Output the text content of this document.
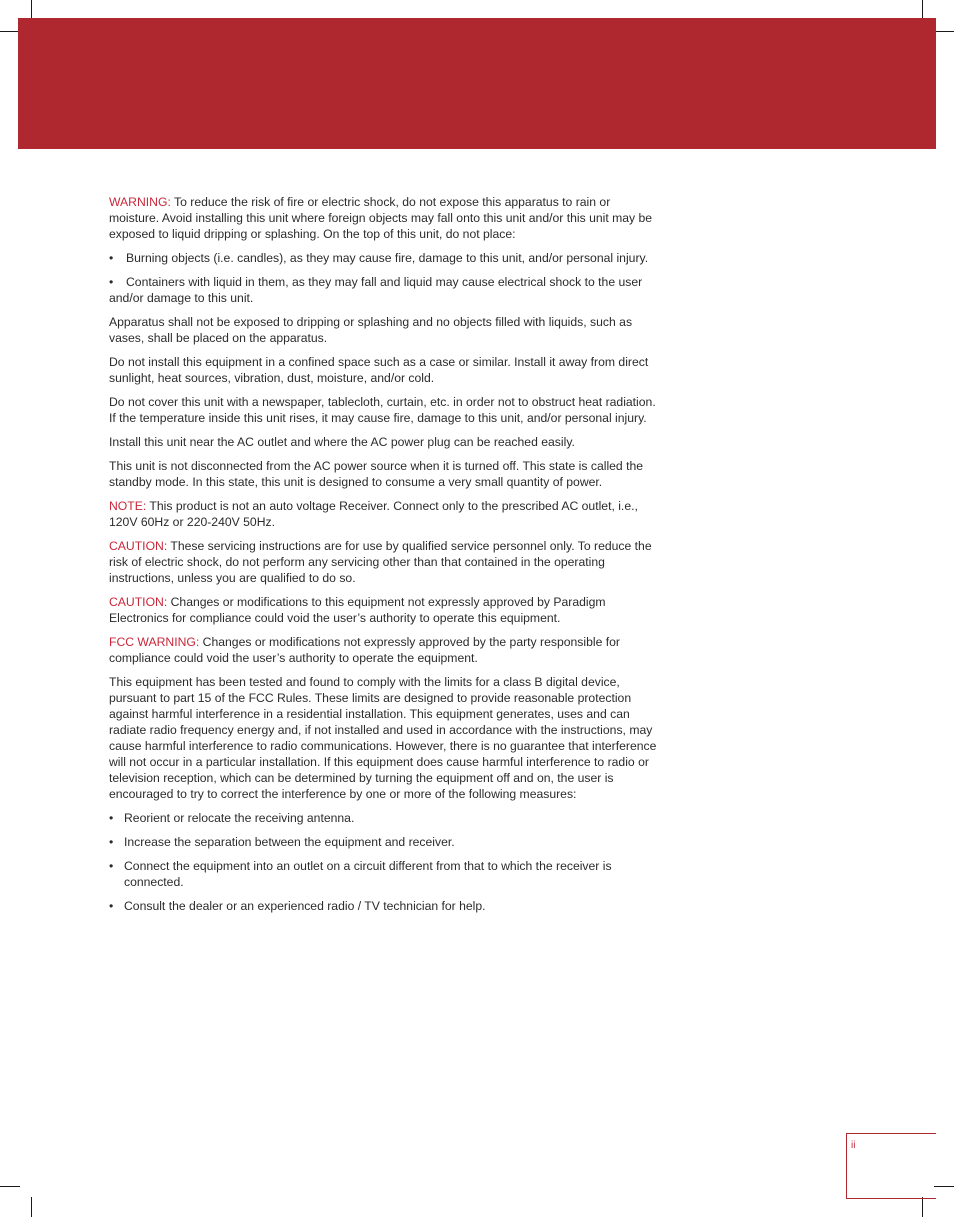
WARNING: To reduce the risk of fire or electric shock, do not expose this apparatus to rain or moisture. Avoid installing this unit where foreign objects may fall onto this unit and/or this unit may be exposed to liquid dripping or splashing. On the top of this unit, do not place:

• Burning objects (i.e. candles), as they may cause fire, damage to this unit, and/or personal injury.

• Containers with liquid in them, as they may fall and liquid may cause electrical shock to the user and/or damage to this unit.

Apparatus shall not be exposed to dripping or splashing and no objects filled with liquids, such as vases, shall be placed on the apparatus.

Do not install this equipment in a confined space such as a case or similar. Install it away from direct sunlight, heat sources, vibration, dust, moisture, and/or cold.

Do not cover this unit with a newspaper, tablecloth, curtain, etc. in order not to obstruct heat radiation. If the temperature inside this unit rises, it may cause fire, damage to this unit, and/or personal injury.

Install this unit near the AC outlet and where the AC power plug can be reached easily.

This unit is not disconnected from the AC power source when it is turned off. This state is called the standby mode. In this state, this unit is designed to consume a very small quantity of power.

NOTE: This product is not an auto voltage Receiver. Connect only to the prescribed AC outlet, i.e., 120V 60Hz or 220-240V 50Hz.

CAUTION: These servicing instructions are for use by qualified service personnel only. To reduce the risk of electric shock, do not perform any servicing other than that contained in the operating instructions, unless you are qualified to do so.

CAUTION: Changes or modifications to this equipment not expressly approved by Paradigm Electronics for compliance could void the user’s authority to operate this equipment.

FCC WARNING: Changes or modifications not expressly approved by the party responsible for compliance could void the user’s authority to operate the equipment.

This equipment has been tested and found to comply with the limits for a class B digital device, pursuant to part 15 of the FCC Rules. These limits are designed to provide reasonable protection against harmful interference in a residential installation. This equipment generates, uses and can radiate radio frequency energy and, if not installed and used in accordance with the instructions, may cause harmful interference to radio communications. However, there is no guarantee that interference will not occur in a particular installation. If this equipment does cause harmful interference to radio or television reception, which can be determined by turning the equipment off and on, the user is encouraged to try to correct the interference by one or more of the following measures:

• Reorient or relocate the receiving antenna.

• Increase the separation between the equipment and receiver.

• Connect the equipment into an outlet on a circuit different from that to which the receiver is connected.

• Consult the dealer or an experienced radio / TV technician for help.

ii
